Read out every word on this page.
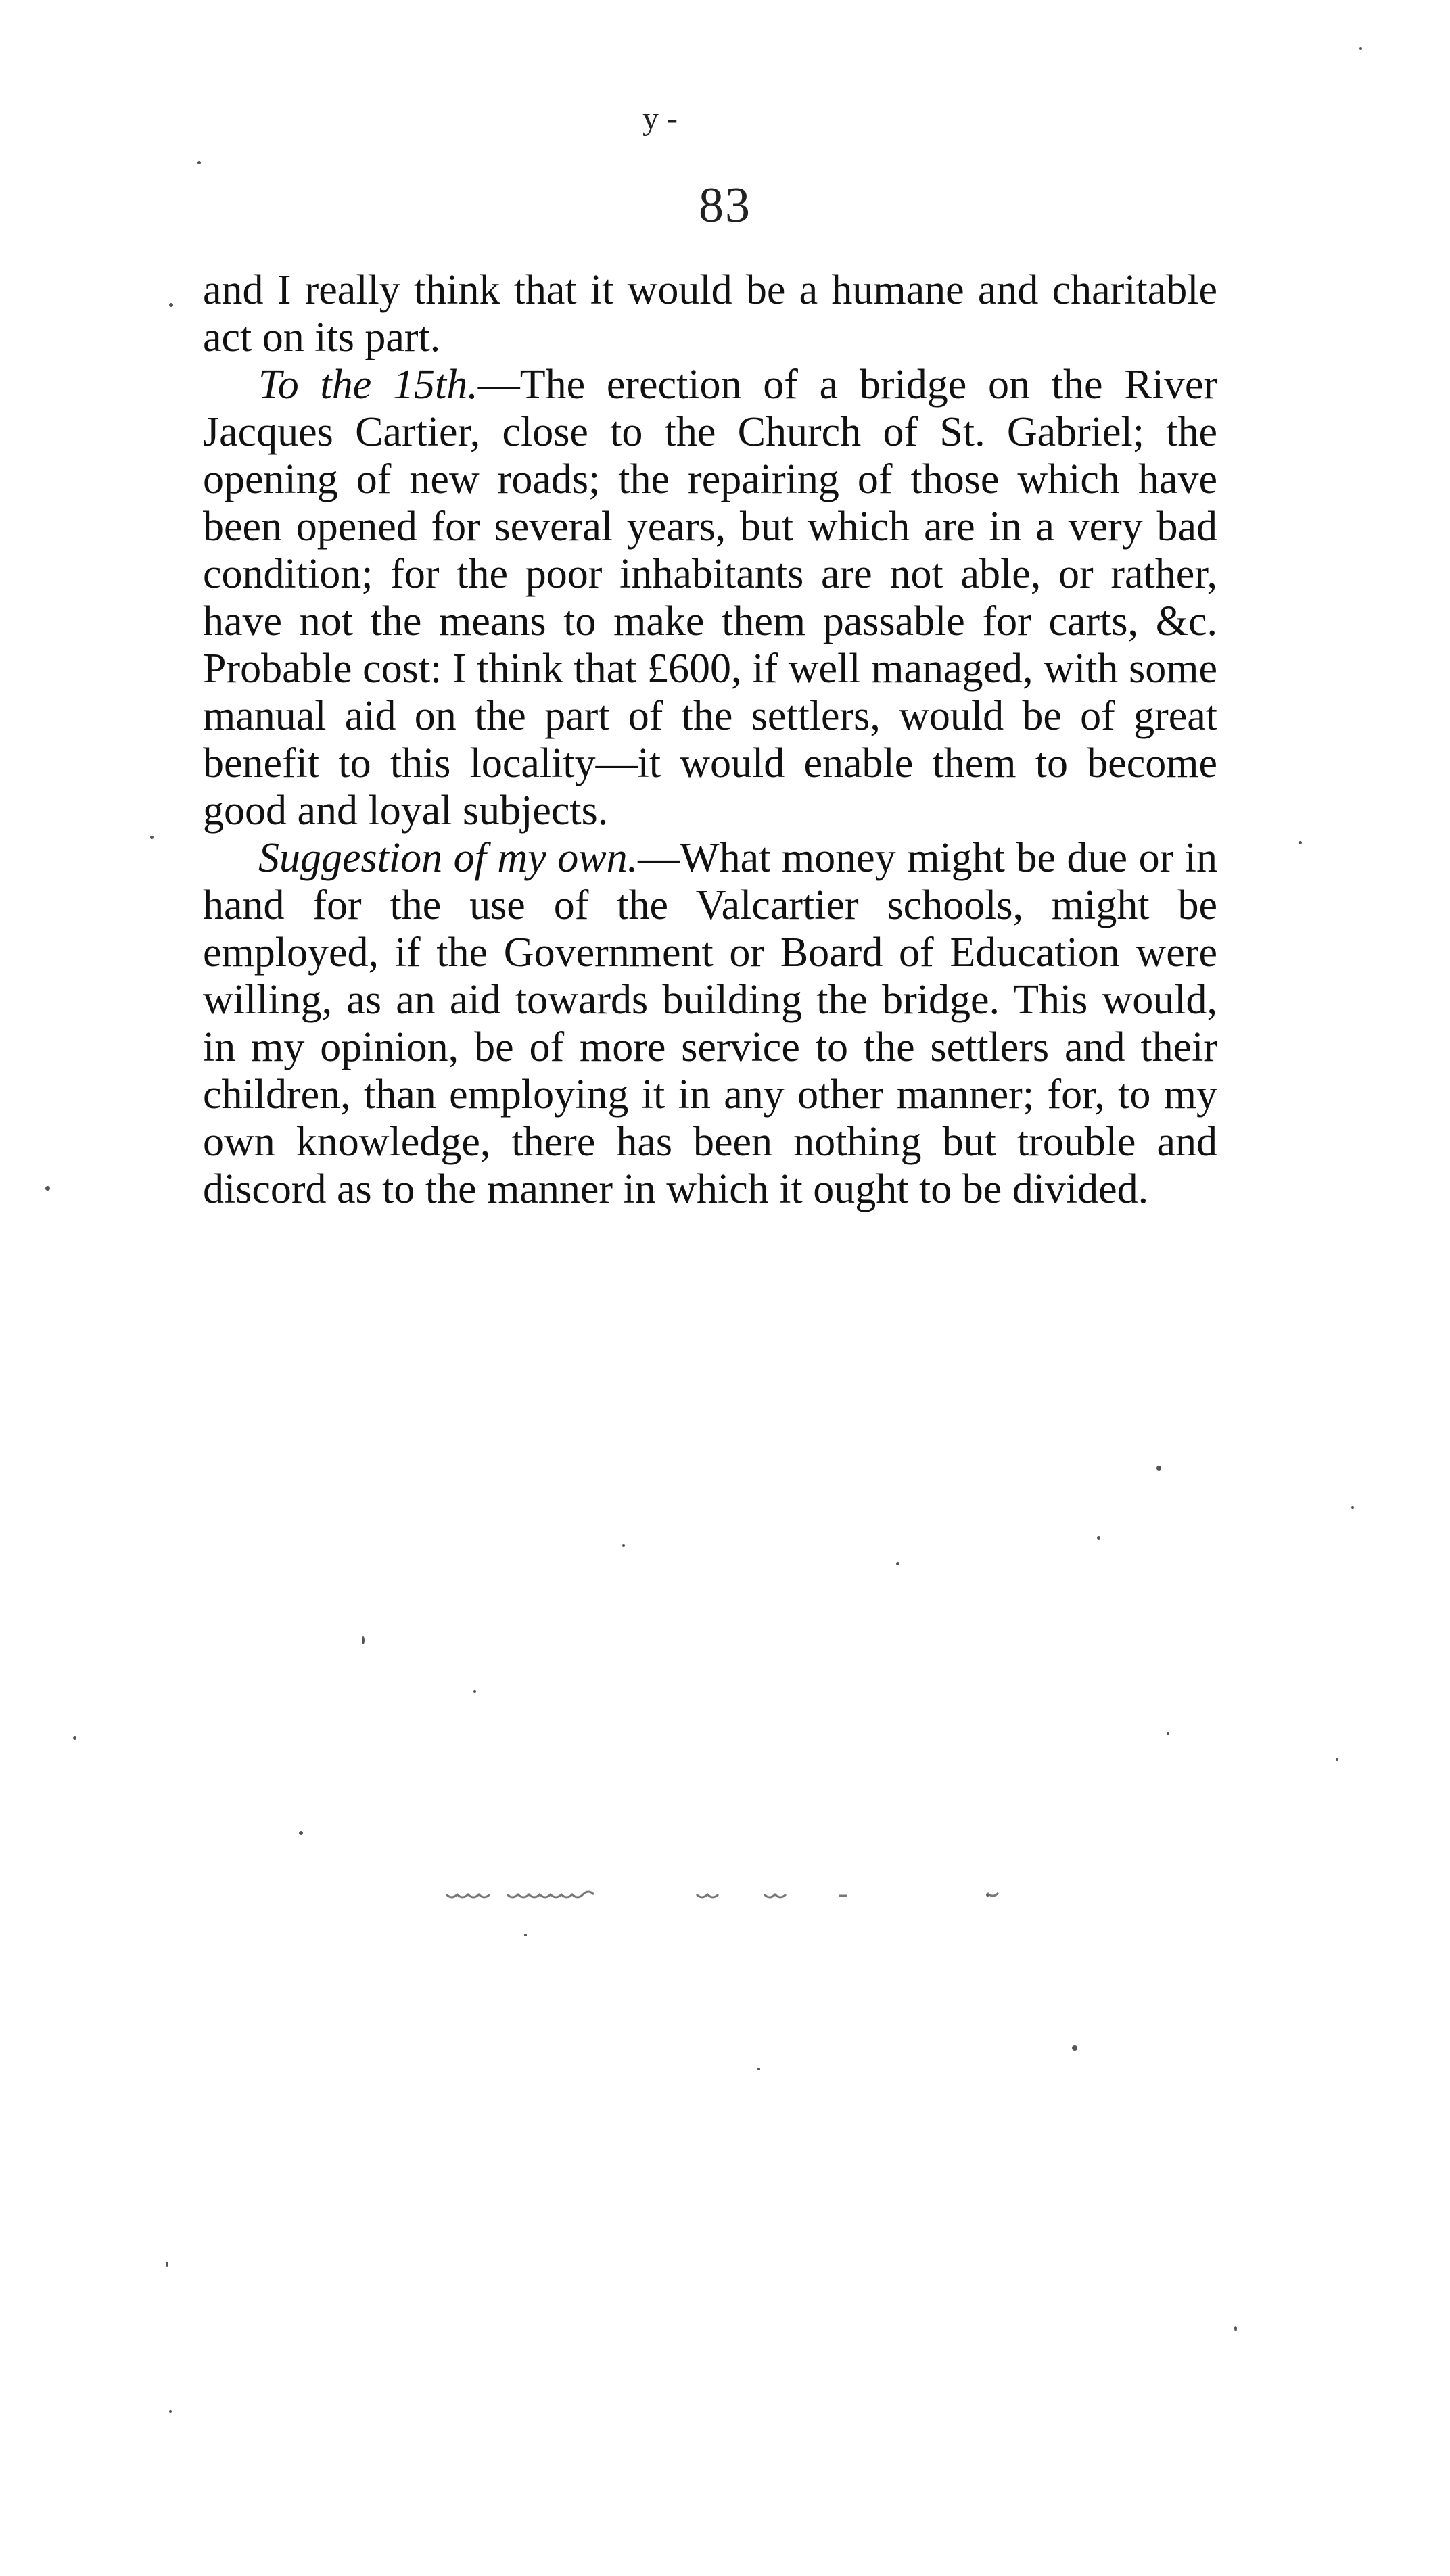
y -
83

and I really think that it would be a humane and charitable act on its part.

To the 15th.—The erection of a bridge on the River Jacques Cartier, close to the Church of St. Gabriel; the opening of new roads; the repairing of those which have been opened for several years, but which are in a very bad condition; for the poor inhabitants are not able, or rather, have not the means to make them passable for carts, &c. Probable cost: I think that £600, if well managed, with some manual aid on the part of the settlers, would be of great benefit to this locality—it would enable them to become good and loyal subjects.

Suggestion of my own.—What money might be due or in hand for the use of the Valcartier schools, might be employed, if the Government or Board of Education were willing, as an aid towards building the bridge. This would, in my opinion, be of more service to the settlers and their children, than employing it in any other manner; for, to my own knowledge, there has been nothing but trouble and discord as to the manner in which it ought to be divided.
